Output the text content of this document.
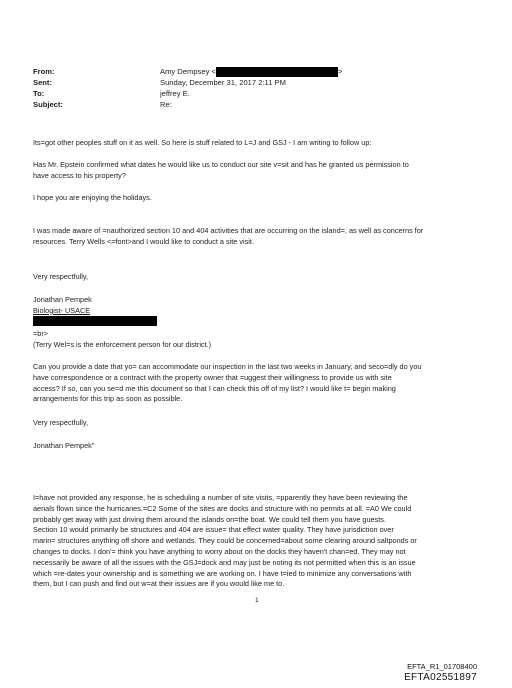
From:	Amy Dempsey <	>
Sent:	Sunday, December 31, 2017 2:11 PM
To:	jeffrey E.
Subject:	Re:
Its=got other peoples stuff on it as well. So here is stuff related to L=J and GSJ - I am writing to follow up:
Has Mr. Epstein confirmed what dates he would like us to conduct our site v=sit and has he granted us permission to
have access to his property?
I hope you are enjoying the holidays.
I was made aware of =nauthorized section 10 and 404 activities that are occurring on the island=, as well as concerns for
resources. Terry Wells <=font>and I would like to conduct a site visit.
Very respectfully,
Jonathan Pempek
Biologist- USACE
=br>
(Terry Wel=s is the enforcement person for our district.)
Can you provide a date that yo= can accommodate our inspection in the last two weeks in January, and seco=dly do you
have correspondence or a contract with the property owner that =uggest their willingness to provide us with site
access? If so, can you se=d me this document so that I can check this off of my list? I would like t= begin making
arrangements for this trip as soon as possible.
Very respectfully,
Jonathan Pempek"
I=have not provided any response, he is scheduling a number of site visits, =pparently they have been reviewing the
aerials flown since the hurricanes.=C2 Some of the sites are docks and structure with no permits at all. =A0 We could
probably get away with just driving them around the islands on=the boat. We could tell them you have guests.
Section 10 would primarily be structures and 404 are issue= that effect water quality. They have jurisdiction over
marin= structures anything off shore and wetlands. They could be concerned=about some clearing around saltponds or
changes to docks. I don'= think you have anything to worry about on the docks they haven't chan=ed. They may not
necessarily be aware of all the issues with the GSJ=dock and may just be noting its not permitted when this is an issue
which =re-dates your ownership and is something we are working on. I have t=ied to minimize any conversations with
them, but I can push and find out w=at their issues are if you would like me to.
1
EFTA_R1_01708400
EFTA02551897
